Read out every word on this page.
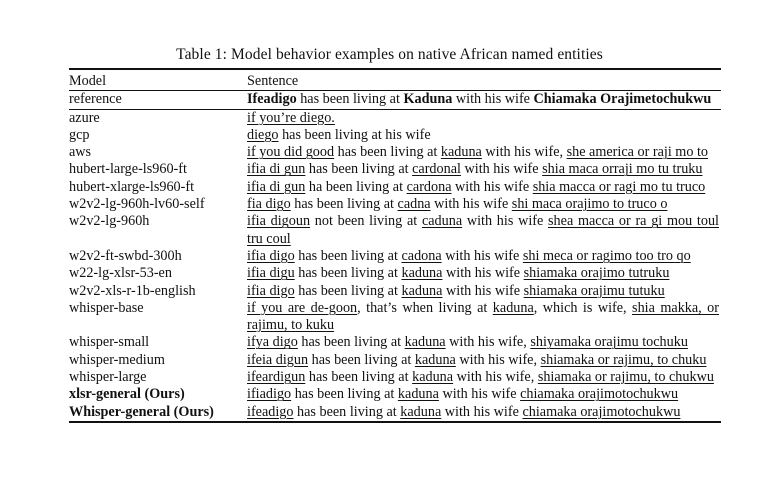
Table 1: Model behavior examples on native African named entities
Model	Sentence
reference	Ifeadigo has been living at Kaduna with his wife Chiamaka Orajimetochukwu
azure	if you’re diego.
gcp	diego has been living at his wife
aws	if you did good has been living at kaduna with his wife, she america or raji mo to
hubert-large-ls960-ft	ifia di gun has been living at cardonal with his wife shia maca orraji mo tu truku
hubert-xlarge-ls960-ft	ifia di gun ha been living at cardona with his wife shia macca or ragi mo tu truco
w2v2-lg-960h-lv60-self	fia digo has been living at cadna with his wife shi maca orajimo to truco o
w2v2-lg-960h	ifia digoun not been living at caduna with his wife shea macca or ra gi mou toul tru coul
w2v2-ft-swbd-300h	ifia digo has been living at cadona with his wife shi meca or ragimo too tro qo
w22-lg-xlsr-53-en	ifia digu has been living at kaduna with his wife shiamaka orajimo tutruku
w2v2-xls-r-1b-english	ifia digo has been living at kaduna with his wife shiamaka orajimu tutuku
whisper-base	if you are de-goon, that’s when living at kaduna, which is wife, shia makka, or rajimu, to kuku
whisper-small	ifya digo has been living at kaduna with his wife, shiyamaka orajimu tochuku
whisper-medium	ifeia digun has been living at kaduna with his wife, shiamaka or rajimu, to chuku
whisper-large	ifeardigun has been living at kaduna with his wife, shiamaka or rajimu, to chukwu
xlsr-general (Ours)	ifiadigo has been living at kaduna with his wife chiamaka orajimotochukwu
Whisper-general (Ours)	ifeadigo has been living at kaduna with his wife chiamaka orajimotochukwu
